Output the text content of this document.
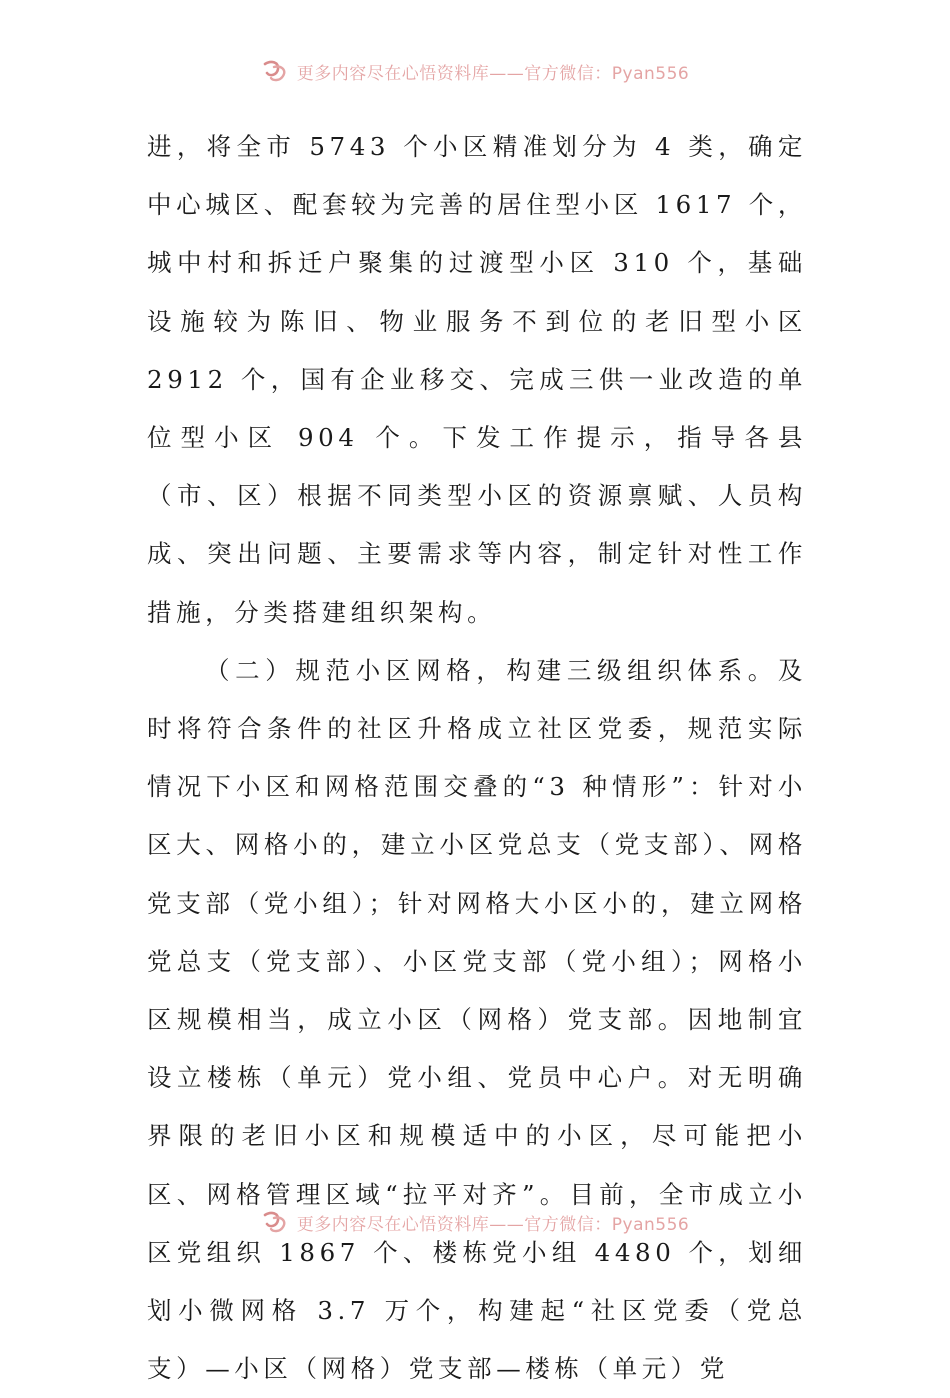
更多内容尽在心悟资料库——官方微信：Pyan556

进，将全市 5743 个小区精准划分为 4 类，确定中心城区、配套较为完善的居住型小区 1617 个，城中村和拆迁户聚集的过渡型小区 310 个，基础设施较为陈旧、物业服务不到位的老旧型小区 2912 个，国有企业移交、完成三供一业改造的单位型小区 904 个。下发工作提示，指导各县（市、区）根据不同类型小区的资源禀赋、人员构成、突出问题、主要需求等内容，制定针对性工作措施，分类搭建组织架构。

（二）规范小区网格，构建三级组织体系。及时将符合条件的社区升格成立社区党委，规范实际情况下小区和网格范围交叠的“3 种情形”：针对小区大、网格小的，建立小区党总支（党支部）、网格党支部（党小组）；针对网格大小区小的，建立网格党总支（党支部）、小区党支部（党小组）；网格小区规模相当，成立小区（网格）党支部。因地制宜设立楼栋（单元）党小组、党员中心户。对无明确界限的老旧小区和规模适中的小区，尽可能把小区、网格管理区域“拉平对齐”。目前，全市成立小区党组织 1867 个、楼栋党小组 4480 个，划细划小微网格 3.7 万个，构建起“社区党委（党总支）—小区（网格）党支部—楼栋（单元）党

更多内容尽在心悟资料库——官方微信：Pyan556
